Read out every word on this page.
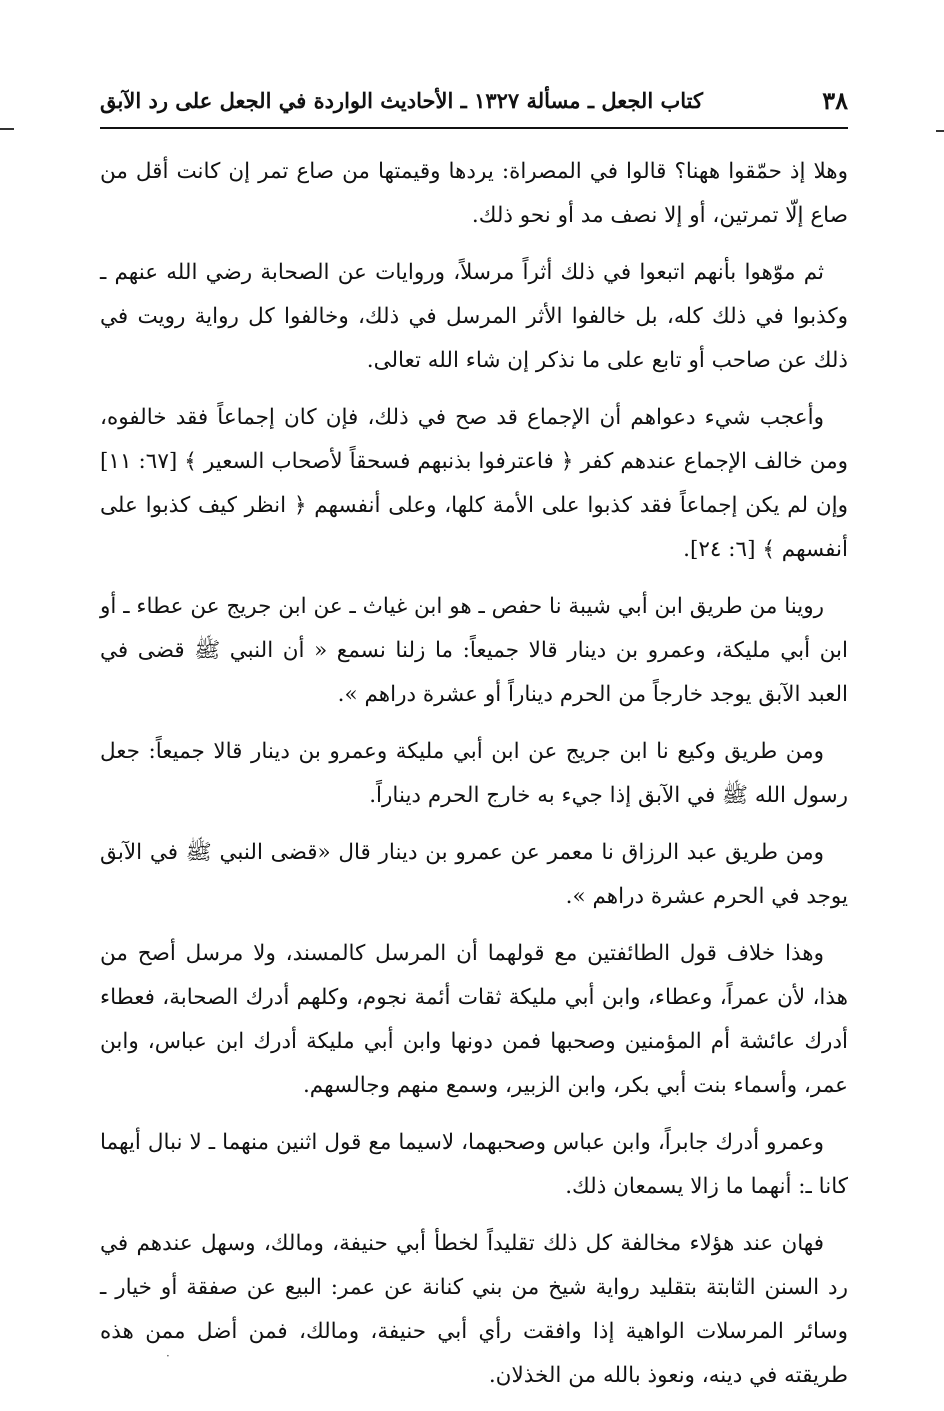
٣٨
كتاب الجعل ـ مسألة ١٣٢٧ ـ الأحاديث الواردة في الجعل على رد الآبق

وهلا إذ حمّقوا ههنا؟ قالوا في المصراة: يردها وقيمتها من صاع تمر إن كانت أقل من صاع إلّا تمرتين، أو إلا نصف مد أو نحو ذلك.

ثم موّهوا بأنهم اتبعوا في ذلك أثراً مرسلاً، وروايات عن الصحابة رضي الله عنهم ـ وكذبوا في ذلك كله، بل خالفوا الأثر المرسل في ذلك، وخالفوا كل رواية رويت في ذلك عن صاحب أو تابع على ما نذكر إن شاء الله تعالى.

وأعجب شيء دعواهم أن الإجماع قد صح في ذلك، فإن كان إجماعاً فقد خالفوه، ومن خالف الإجماع عندهم كفر ﴿ فاعترفوا بذنبهم فسحقاً لأصحاب السعير ﴾ [٦٧: ١١] وإن لم يكن إجماعاً فقد كذبوا على الأمة كلها، وعلى أنفسهم ﴿ انظر كيف كذبوا على أنفسهم ﴾ [٦: ٢٤].

روينا من طريق ابن أبي شيبة نا حفص ـ هو ابن غياث ـ عن ابن جريج عن عطاء ـ أو ابن أبي مليكة، وعمرو بن دينار قالا جميعاً: ما زلنا نسمع « أن النبي ﷺ قضى في العبد الآبق يوجد خارجاً من الحرم ديناراً أو عشرة دراهم ».

ومن طريق وكيع نا ابن جريج عن ابن أبي مليكة وعمرو بن دينار قالا جميعاً: جعل رسول الله ﷺ في الآبق إذا جيء به خارج الحرم ديناراً.

ومن طريق عبد الرزاق نا معمر عن عمرو بن دينار قال «قضى النبي ﷺ في الآبق يوجد في الحرم عشرة دراهم ».

وهذا خلاف قول الطائفتين مع قولهما أن المرسل كالمسند، ولا مرسل أصح من هذا، لأن عمراً، وعطاء، وابن أبي مليكة ثقات أئمة نجوم، وكلهم أدرك الصحابة، فعطاء أدرك عائشة أم المؤمنين وصحبها فمن دونها وابن أبي مليكة أدرك ابن عباس، وابن عمر، وأسماء بنت أبي بكر، وابن الزبير، وسمع منهم وجالسهم.

وعمرو أدرك جابراً، وابن عباس وصحبهما، لاسيما مع قول اثنين منهما ـ لا نبال أيهما كانا ـ: أنهما ما زالا يسمعان ذلك.

فهان عند هؤلاء مخالفة كل ذلك تقليداً لخطأ أبي حنيفة، ومالك، وسهل عندهم في رد السنن الثابتة بتقليد رواية شيخ من بني كنانة عن عمر: البيع عن صفقة أو خيار ـ وسائر المرسلات الواهية إذا وافقت رأي أبي حنيفة، ومالك، فمن أضل ممن هذه طريقته في دينه، ونعوذ بالله من الخذلان.

·
